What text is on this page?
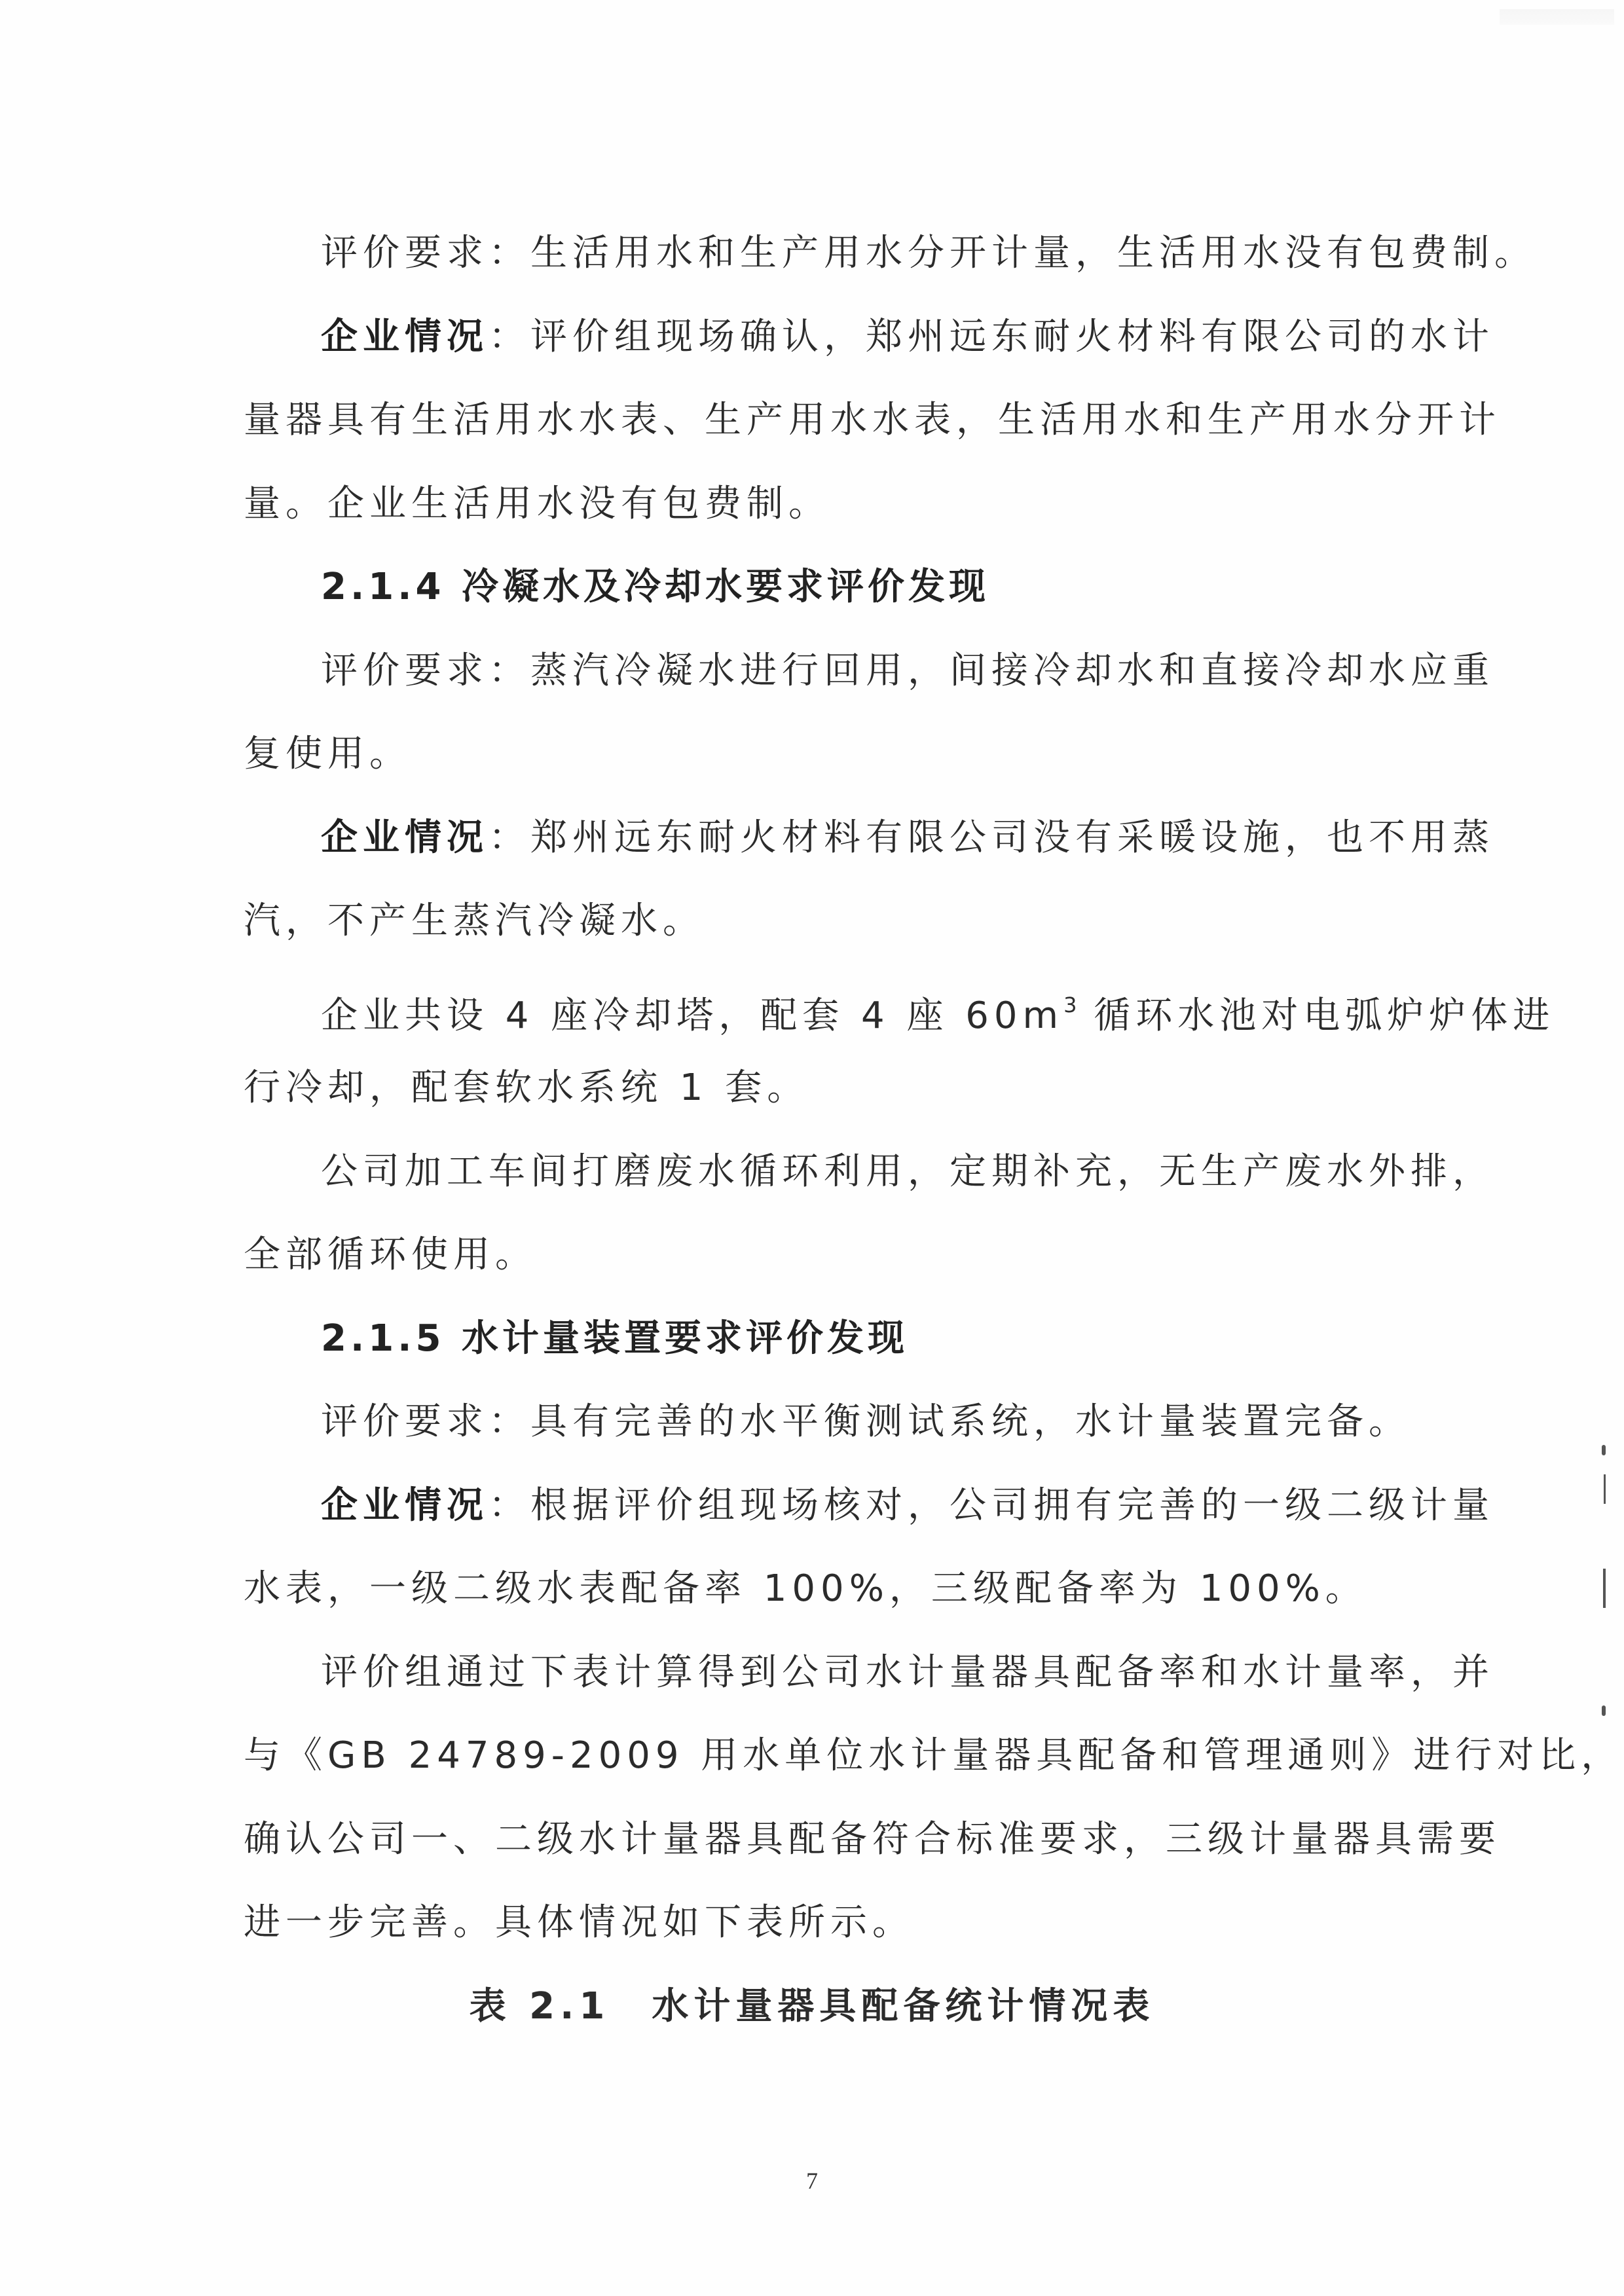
评价要求：生活用水和生产用水分开计量，生活用水没有包费制。
企业情况：评价组现场确认，郑州远东耐火材料有限公司的水计
量器具有生活用水水表、生产用水水表，生活用水和生产用水分开计
量。企业生活用水没有包费制。
2.1.4 冷凝水及冷却水要求评价发现
评价要求：蒸汽冷凝水进行回用，间接冷却水和直接冷却水应重
复使用。
企业情况：郑州远东耐火材料有限公司没有采暖设施，也不用蒸
汽，不产生蒸汽冷凝水。
企业共设 4 座冷却塔，配套 4 座 $60m^3$ 循环水池对电弧炉炉体进
行冷却，配套软水系统 1 套。
公司加工车间打磨废水循环利用，定期补充，无生产废水外排，
全部循环使用。
2.1.5 水计量装置要求评价发现
评价要求：具有完善的水平衡测试系统，水计量装置完备。
企业情况：根据评价组现场核对，公司拥有完善的一级二级计量
水表，一级二级水表配备率 100%，三级配备率为 100%。
评价组通过下表计算得到公司水计量器具配备率和水计量率，并
与《GB 24789-2009 用水单位水计量器具配备和管理通则》进行对比，
确认公司一、二级水计量器具配备符合标准要求，三级计量器具需要
进一步完善。具体情况如下表所示。
表 2.1　水计量器具配备统计情况表
7
